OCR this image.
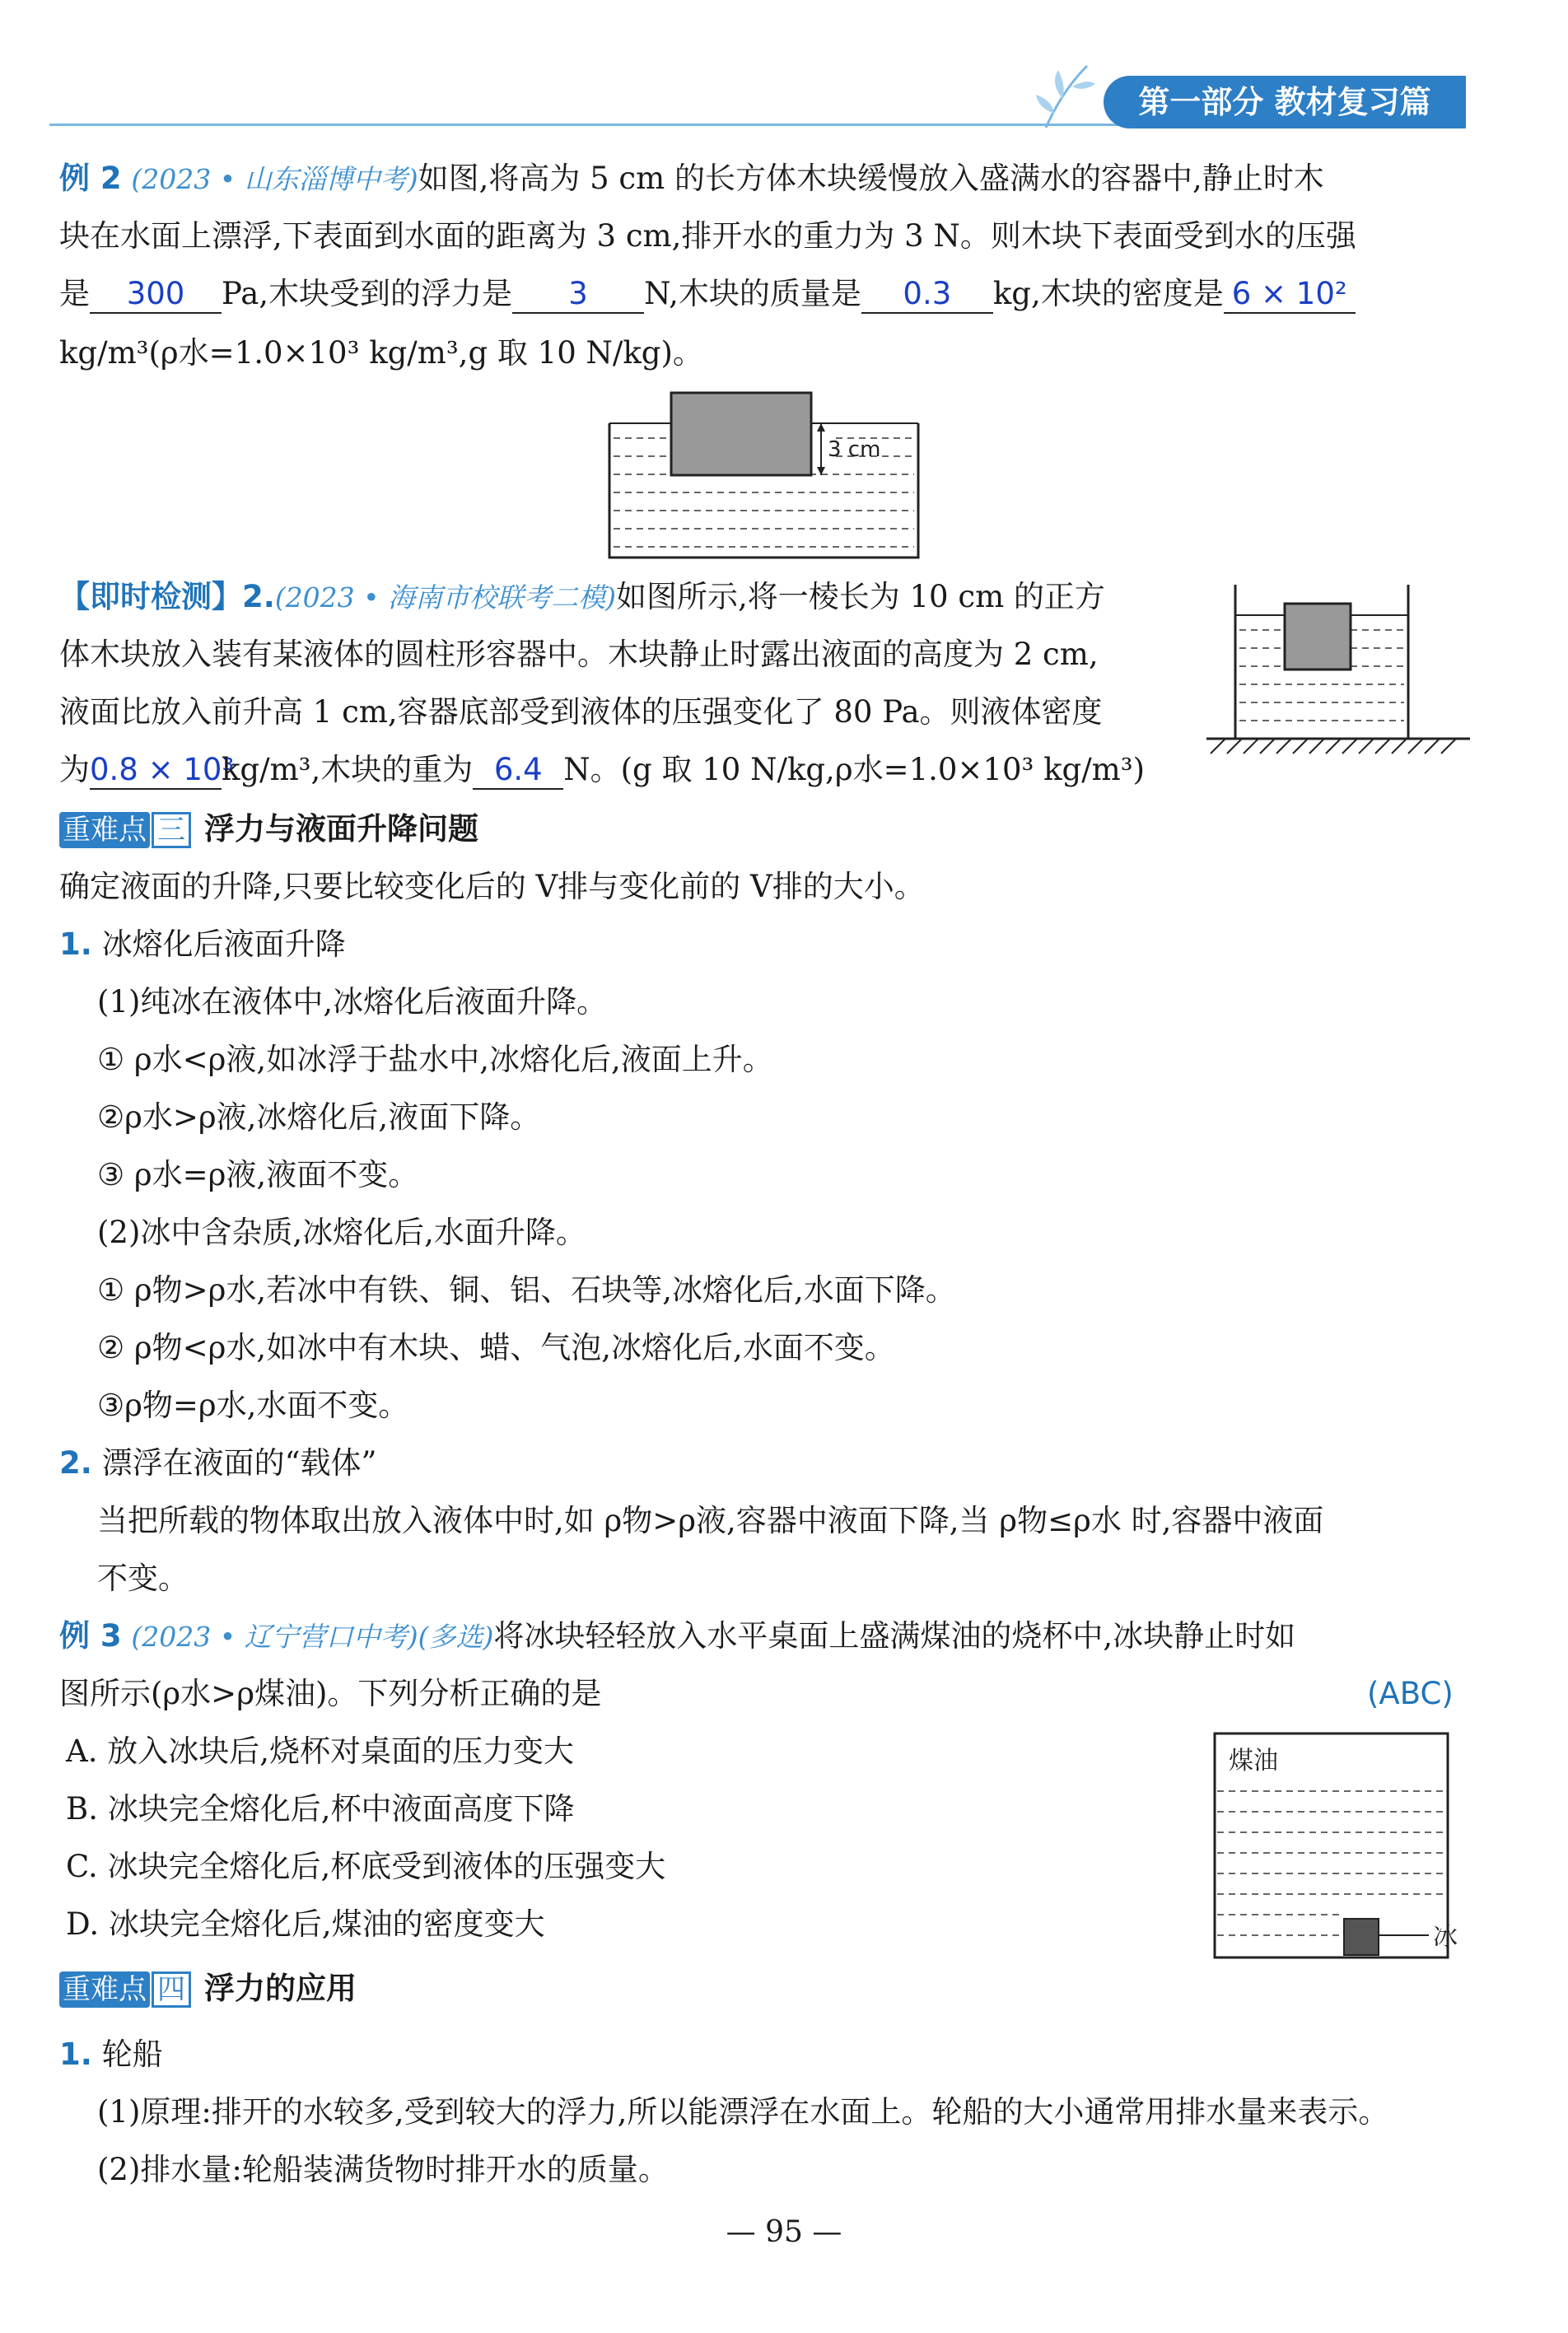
第一部分 教材复习篇
例 2 (2023 • 山东淄博中考)如图,将高为 5 cm 的长方体木块缓慢放入盛满水的容器中,静止时木
块在水面上漂浮,下表面到水面的距离为 3 cm,排开水的重力为 3 N。则木块下表面受到水的压强
是 300 Pa,木块受到的浮力是 3 N,木块的质量是 0.3 kg,木块的密度是 6 × 10²
kg/m³(ρ水=1.0×10³ kg/m³,g 取 10 N/kg)。
3 cm
【即时检测】2.(2023 • 海南市校联考二模)如图所示,将一棱长为 10 cm 的正方
体木块放入装有某液体的圆柱形容器中。木块静止时露出液面的高度为 2 cm,
液面比放入前升高 1 cm,容器底部受到液体的压强变化了 80 Pa。则液体密度
为0.8 × 10³kg/m³,木块的重为 6.4 N。(g 取 10 N/kg,ρ水=1.0×10³ kg/m³)
重难点 三 浮力与液面升降问题
确定液面的升降,只要比较变化后的 V排与变化前的 V排的大小。
1. 冰熔化后液面升降
(1)纯冰在液体中,冰熔化后液面升降。
① ρ水<ρ液,如冰浮于盐水中,冰熔化后,液面上升。
②ρ水>ρ液,冰熔化后,液面下降。
③ ρ水=ρ液,液面不变。
(2)冰中含杂质,冰熔化后,水面升降。
① ρ物>ρ水,若冰中有铁、铜、铝、石块等,冰熔化后,水面下降。
② ρ物<ρ水,如冰中有木块、蜡、气泡,冰熔化后,水面不变。
③ρ物=ρ水,水面不变。
2. 漂浮在液面的“载体”
当把所载的物体取出放入液体中时,如 ρ物>ρ液,容器中液面下降,当 ρ物≤ρ水 时,容器中液面
不变。
例 3 (2023 • 辽宁营口中考)(多选)将冰块轻轻放入水平桌面上盛满煤油的烧杯中,冰块静止时如
图所示(ρ水>ρ煤油)。下列分析正确的是	(ABC)
A. 放入冰块后,烧杯对桌面的压力变大
B. 冰块完全熔化后,杯中液面高度下降
C. 冰块完全熔化后,杯底受到液体的压强变大
D. 冰块完全熔化后,煤油的密度变大
煤油
冰
重难点 四 浮力的应用
1. 轮船
(1)原理:排开的水较多,受到较大的浮力,所以能漂浮在水面上。轮船的大小通常用排水量来表示。
(2)排水量:轮船装满货物时排开水的质量。
— 95 —
